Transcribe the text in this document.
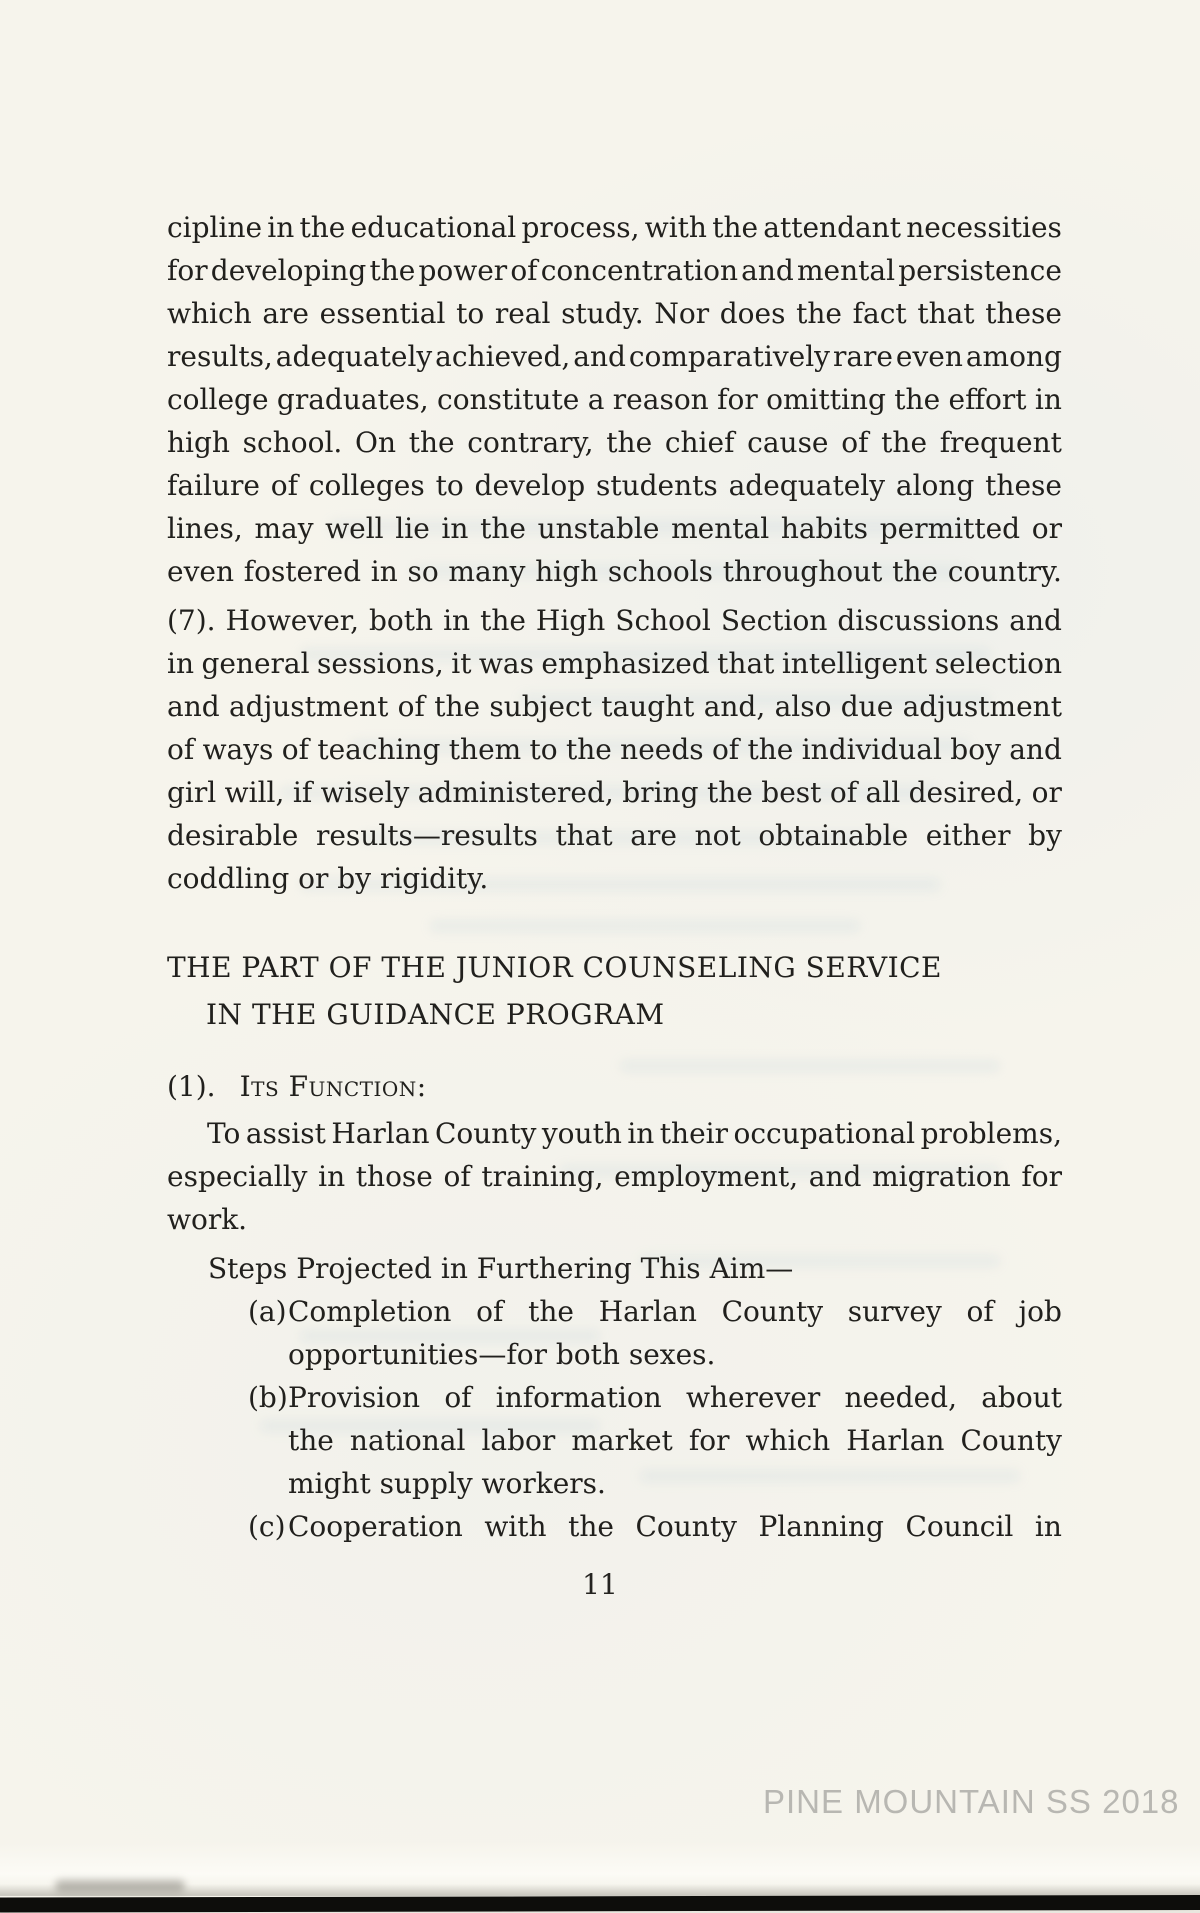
cipline in the educational process, with the attendant necessities
for developing the power of concentration and mental persistence
which are essential to real study. Nor does the fact that these
results, adequately achieved, and comparatively rare even among
college graduates, constitute a reason for omitting the effort in
high school. On the contrary, the chief cause of the frequent
failure of colleges to develop students adequately along these
lines, may well lie in the unstable mental habits permitted or
even fostered in so many high schools throughout the country.
(7). However, both in the High School Section discussions and
in general sessions, it was emphasized that intelligent selection
and adjustment of the subject taught and, also due adjustment
of ways of teaching them to the needs of the individual boy and
girl will, if wisely administered, bring the best of all desired, or
desirable results—results that are not obtainable either by
coddling or by rigidity.
THE PART OF THE JUNIOR COUNSELING SERVICE
IN THE GUIDANCE PROGRAM
(1). Its Function:
To assist Harlan County youth in their occupational problems,
especially in those of training, employment, and migration for
work.
Steps Projected in Furthering This Aim—
(a) Completion of the Harlan County survey of job
opportunities—for both sexes.
(b) Provision of information wherever needed, about
the national labor market for which Harlan County
might supply workers.
(c) Cooperation with the County Planning Council in
11
PINE MOUNTAIN SS 2018
